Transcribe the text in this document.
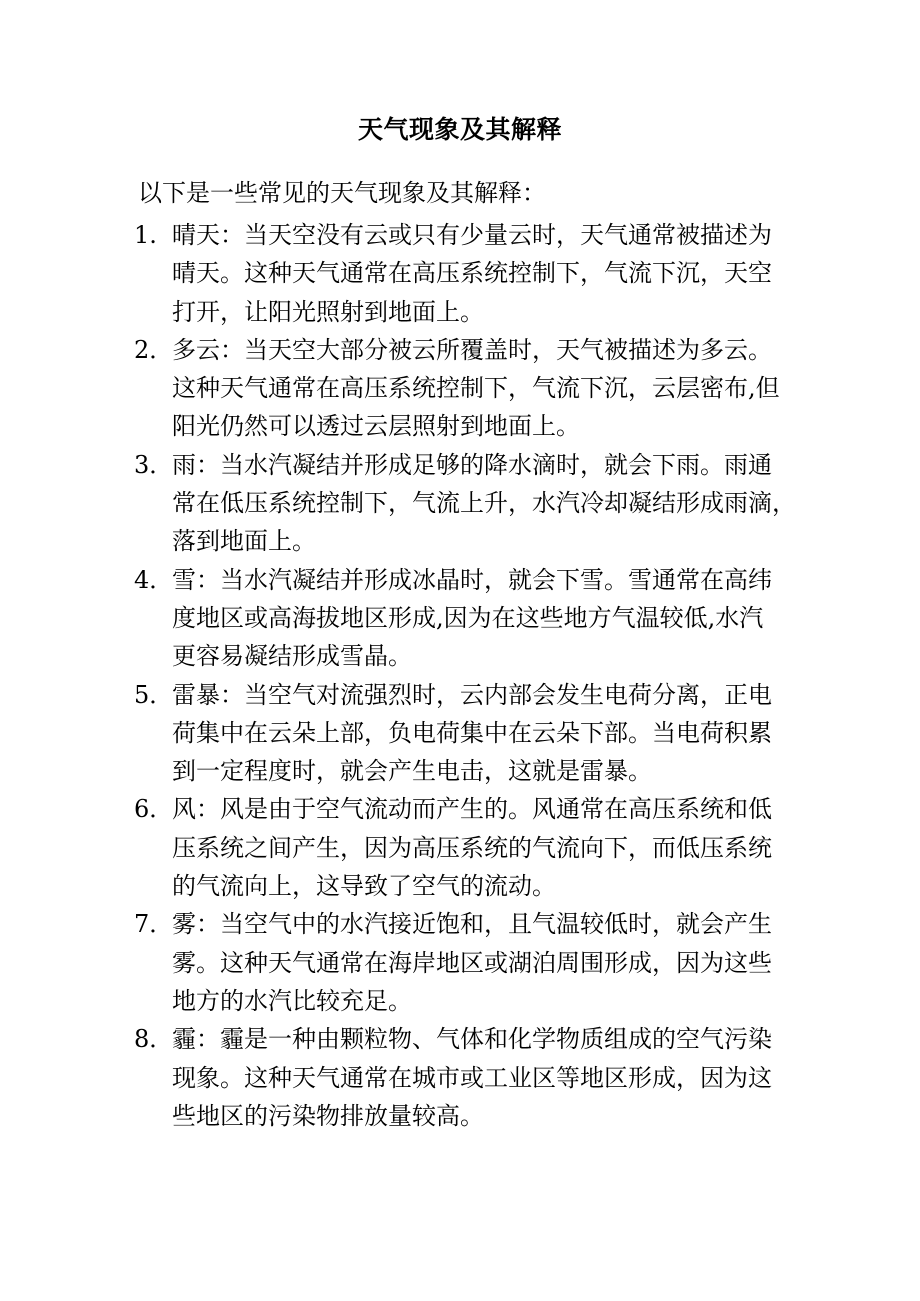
天气现象及其解释
以下是一些常见的天气现象及其解释：
1. 晴天：当天空没有云或只有少量云时，天气通常被描述为
晴天。这种天气通常在高压系统控制下，气流下沉，天空
打开，让阳光照射到地面上。
2．
多云：当天空大部分被云所覆盖时，天气被描述为多云。
这种天气通常在高压系统控制下，气流下沉，云层密布,但
阳光仍然可以透过云层照射到地面上。
3．
雨：当水汽凝结并形成足够的降水滴时，就会下雨。雨通
常在低压系统控制下，气流上升，水汽冷却凝结形成雨滴，
落到地面上。
4．
雪：当水汽凝结并形成冰晶时，就会下雪。雪通常在高纬
度地区或高海拔地区形成,因为在这些地方气温较低,水汽
更容易凝结形成雪晶。
5．
雷暴：当空气对流强烈时，云内部会发生电荷分离，正电
荷集中在云朵上部，负电荷集中在云朵下部。当电荷积累
到一定程度时，就会产生电击，这就是雷暴。
6．
风：风是由于空气流动而产生的。风通常在高压系统和低
压系统之间产生，因为高压系统的气流向下，而低压系统
的气流向上，这导致了空气的流动。
7．
雾：当空气中的水汽接近饱和，且气温较低时，就会产生
雾。这种天气通常在海岸地区或湖泊周围形成，因为这些
地方的水汽比较充足。
8．
霾：霾是一种由颗粒物、气体和化学物质组成的空气污染
现象。这种天气通常在城市或工业区等地区形成，因为这
些地区的污染物排放量较高。
